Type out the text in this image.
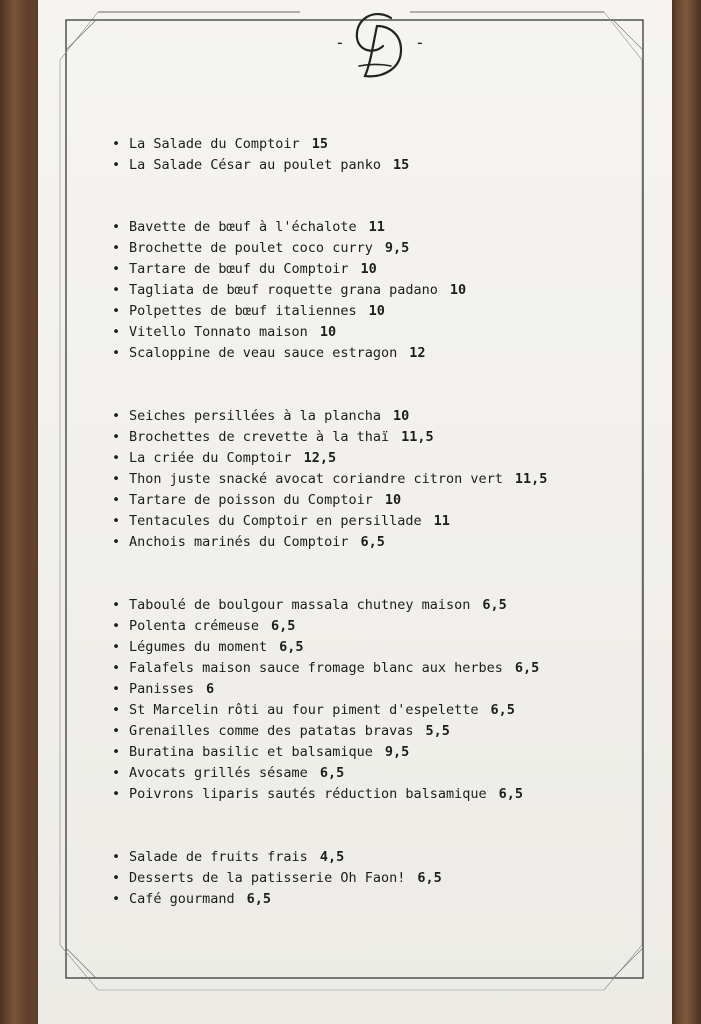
-	-
• La Salade du Comptoir 15
• La Salade César au poulet panko 15
• Bavette de bœuf à l'échalote 11
• Brochette de poulet coco curry 9,5
• Tartare de bœuf du Comptoir 10
• Tagliata de bœuf roquette grana padano 10
• Polpettes de bœuf italiennes 10
• Vitello Tonnato maison 10
• Scaloppine de veau sauce estragon 12
• Seiches persillées à la plancha 10
• Brochettes de crevette à la thaï 11,5
• La criée du Comptoir 12,5
• Thon juste snacké avocat coriandre citron vert 11,5
• Tartare de poisson du Comptoir 10
• Tentacules du Comptoir en persillade 11
• Anchois marinés du Comptoir 6,5
• Taboulé de boulgour massala chutney maison 6,5
• Polenta crémeuse 6,5
• Légumes du moment 6,5
• Falafels maison sauce fromage blanc aux herbes 6,5
• Panisses 6
• St Marcelin rôti au four piment d'espelette 6,5
• Grenailles comme des patatas bravas 5,5
• Buratina basilic et balsamique 9,5
• Avocats grillés sésame 6,5
• Poivrons liparis sautés réduction balsamique 6,5
• Salade de fruits frais 4,5
• Desserts de la patisserie Oh Faon! 6,5
• Café gourmand 6,5
